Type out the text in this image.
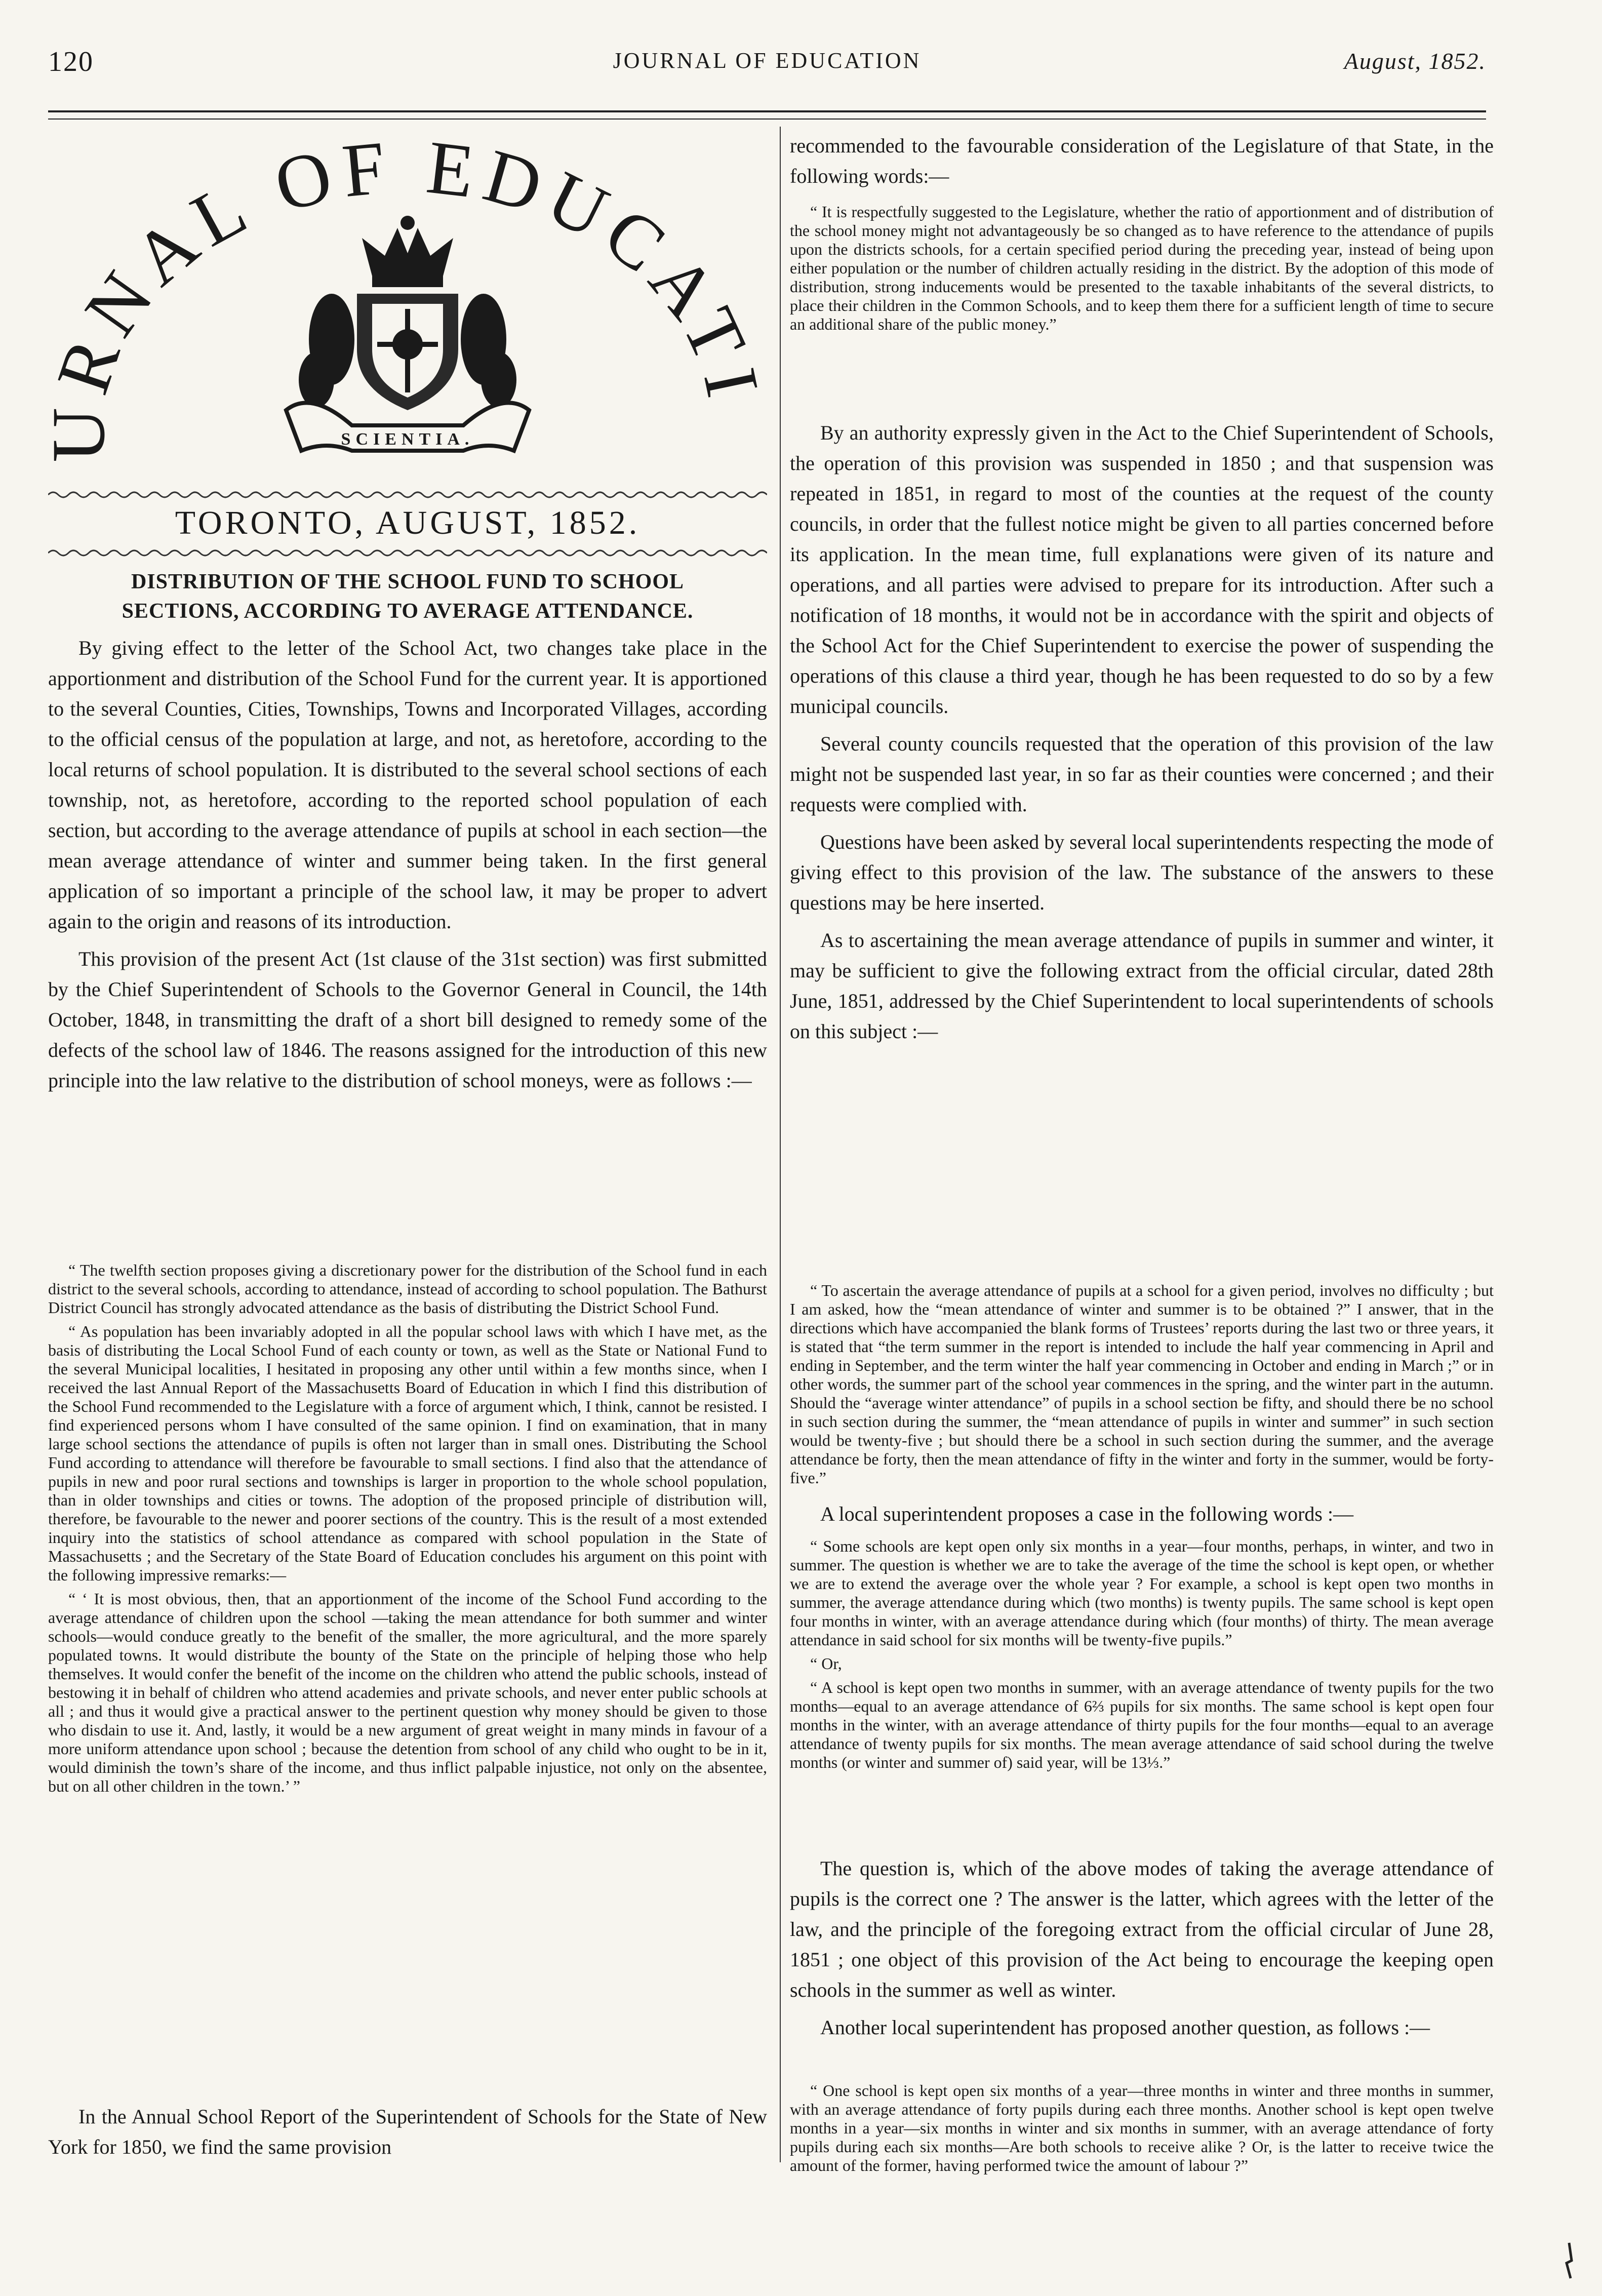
120	JOURNAL OF EDUCATION	August, 1852.
RNAL OF EDUCAT
SCIENTIA.
TORONTO, AUGUST, 1852.
DISTRIBUTION OF THE SCHOOL FUND TO SCHOOL
SECTIONS, ACCORDING TO AVERAGE ATTENDANCE.

By giving effect to the letter of the School Act, two changes take place in the apportionment and distribution of the School Fund for the current year. It is apportioned to the several Counties, Cities, Townships, Towns and Incorporated Villages, according to the official census of the population at large, and not, as heretofore, according to the local returns of school population. It is distributed to the several school sections of each township, not, as heretofore, according to the reported school population of each section, but according to the average attendance of pupils at school in each section—the mean average attendance of winter and summer being taken. In the first general application of so important a principle of the school law, it may be proper to advert again to the origin and reasons of its introduction.

This provision of the present Act (1st clause of the 31st section) was first submitted by the Chief Superintendent of Schools to the Governor General in Council, the 14th October, 1848, in transmitting the draft of a short bill designed to remedy some of the defects of the school law of 1846. The reasons assigned for the introduction of this new principle into the law relative to the distribution of school moneys, were as follows :—

“ The twelfth section proposes giving a discretionary power for the distribution of the School fund in each district to the several schools, according to attendance, instead of according to school population. The Bathurst District Council has strongly advocated attendance as the basis of distributing the District School Fund.

“ As population has been invariably adopted in all the popular school laws with which I have met, as the basis of distributing the Local School Fund of each county or town, as well as the State or National Fund to the several Municipal localities, I hesitated in proposing any other until within a few months since, when I received the last Annual Report of the Massachusetts Board of Education in which I find this distribution of the School Fund recommended to the Legislature with a force of argument which, I think, cannot be resisted. I find experienced persons whom I have consulted of the same opinion. I find on examination, that in many large school sections the attendance of pupils is often not larger than in small ones. Distributing the School Fund according to attendance will therefore be favourable to small sections. I find also that the attendance of pupils in new and poor rural sections and townships is larger in proportion to the whole school population, than in older townships and cities or towns. The adoption of the proposed principle of distribution will, therefore, be favourable to the newer and poorer sections of the country. This is the result of a most extended inquiry into the statistics of school attendance as compared with school population in the State of Massachusetts ; and the Secretary of the State Board of Education concludes his argument on this point with the following impressive remarks:—

“ ‘ It is most obvious, then, that an apportionment of the income of the School Fund according to the average attendance of children upon the school —taking the mean attendance for both summer and winter schools—would conduce greatly to the benefit of the smaller, the more agricultural, and the more sparely populated towns. It would distribute the bounty of the State on the principle of helping those who help themselves. It would confer the benefit of the income on the children who attend the public schools, instead of bestowing it in behalf of children who attend academies and private schools, and never enter public schools at all ; and thus it would give a practical answer to the pertinent question why money should be given to those who disdain to use it. And, lastly, it would be a new argument of great weight in many minds in favour of a more uniform attendance upon school ; because the detention from school of any child who ought to be in it, would diminish the town’s share of the income, and thus inflict palpable injustice, not only on the absentee, but on all other children in the town.’ ”

In the Annual School Report of the Superintendent of Schools for the State of New York for 1850, we find the same provision

recommended to the favourable consideration of the Legislature of that State, in the following words:—

“ It is respectfully suggested to the Legislature, whether the ratio of apportionment and of distribution of the school money might not advantageously be so changed as to have reference to the attendance of pupils upon the districts schools, for a certain specified period during the preceding year, instead of being upon either population or the number of children actually residing in the district. By the adoption of this mode of distribution, strong inducements would be presented to the taxable inhabitants of the several districts, to place their children in the Common Schools, and to keep them there for a sufficient length of time to secure an additional share of the public money.”

By an authority expressly given in the Act to the Chief Superintendent of Schools, the operation of this provision was suspended in 1850 ; and that suspension was repeated in 1851, in regard to most of the counties at the request of the county councils, in order that the fullest notice might be given to all parties concerned before its application. In the mean time, full explanations were given of its nature and operations, and all parties were advised to prepare for its introduction. After such a notification of 18 months, it would not be in accordance with the spirit and objects of the School Act for the Chief Superintendent to exercise the power of suspending the operations of this clause a third year, though he has been requested to do so by a few municipal councils.

Several county councils requested that the operation of this provision of the law might not be suspended last year, in so far as their counties were concerned ; and their requests were complied with.

Questions have been asked by several local superintendents respecting the mode of giving effect to this provision of the law. The substance of the answers to these questions may be here inserted.

As to ascertaining the mean average attendance of pupils in summer and winter, it may be sufficient to give the following extract from the official circular, dated 28th June, 1851, addressed by the Chief Superintendent to local superintendents of schools on this subject :—

“ To ascertain the average attendance of pupils at a school for a given period, involves no difficulty ; but I am asked, how the “mean attendance of winter and summer is to be obtained ?” I answer, that in the directions which have accompanied the blank forms of Trustees’ reports during the last two or three years, it is stated that “the term summer in the report is intended to include the half year commencing in April and ending in September, and the term winter the half year commencing in October and ending in March ;” or in other words, the summer part of the school year commences in the spring, and the winter part in the autumn. Should the “average winter attendance” of pupils in a school section be fifty, and should there be no school in such section during the summer, the “mean attendance of pupils in winter and summer” in such section would be twenty-five ; but should there be a school in such section during the summer, and the average attendance be forty, then the mean attendance of fifty in the winter and forty in the summer, would be forty-five.”

A local superintendent proposes a case in the following words :—

“ Some schools are kept open only six months in a year—four months, perhaps, in winter, and two in summer. The question is whether we are to take the average of the time the school is kept open, or whether we are to extend the average over the whole year ? For example, a school is kept open two months in summer, the average attendance during which (two months) is twenty pupils. The same school is kept open four months in winter, with an average attendance during which (four months) of thirty. The mean average attendance in said school for six months will be twenty-five pupils.”

“ Or,

“ A school is kept open two months in summer, with an average attendance of twenty pupils for the two months—equal to an average attendance of 6⅔ pupils for six months. The same school is kept open four months in the winter, with an average attendance of thirty pupils for the four months—equal to an average attendance of twenty pupils for six months. The mean average attendance of said school during the twelve months (or winter and summer of) said year, will be 13⅓.”

The question is, which of the above modes of taking the average attendance of pupils is the correct one ? The answer is the latter, which agrees with the letter of the law, and the principle of the foregoing extract from the official circular of June 28, 1851 ; one object of this provision of the Act being to encourage the keeping open schools in the summer as well as winter.

Another local superintendent has proposed another question, as follows :—

“ One school is kept open six months of a year—three months in winter and three months in summer, with an average attendance of forty pupils during each three months. Another school is kept open twelve months in a year—six months in winter and six months in summer, with an average attendance of forty pupils during each six months—Are both schools to receive alike ? Or, is the latter to receive twice the amount of the former, having performed twice the amount of labour ?”
